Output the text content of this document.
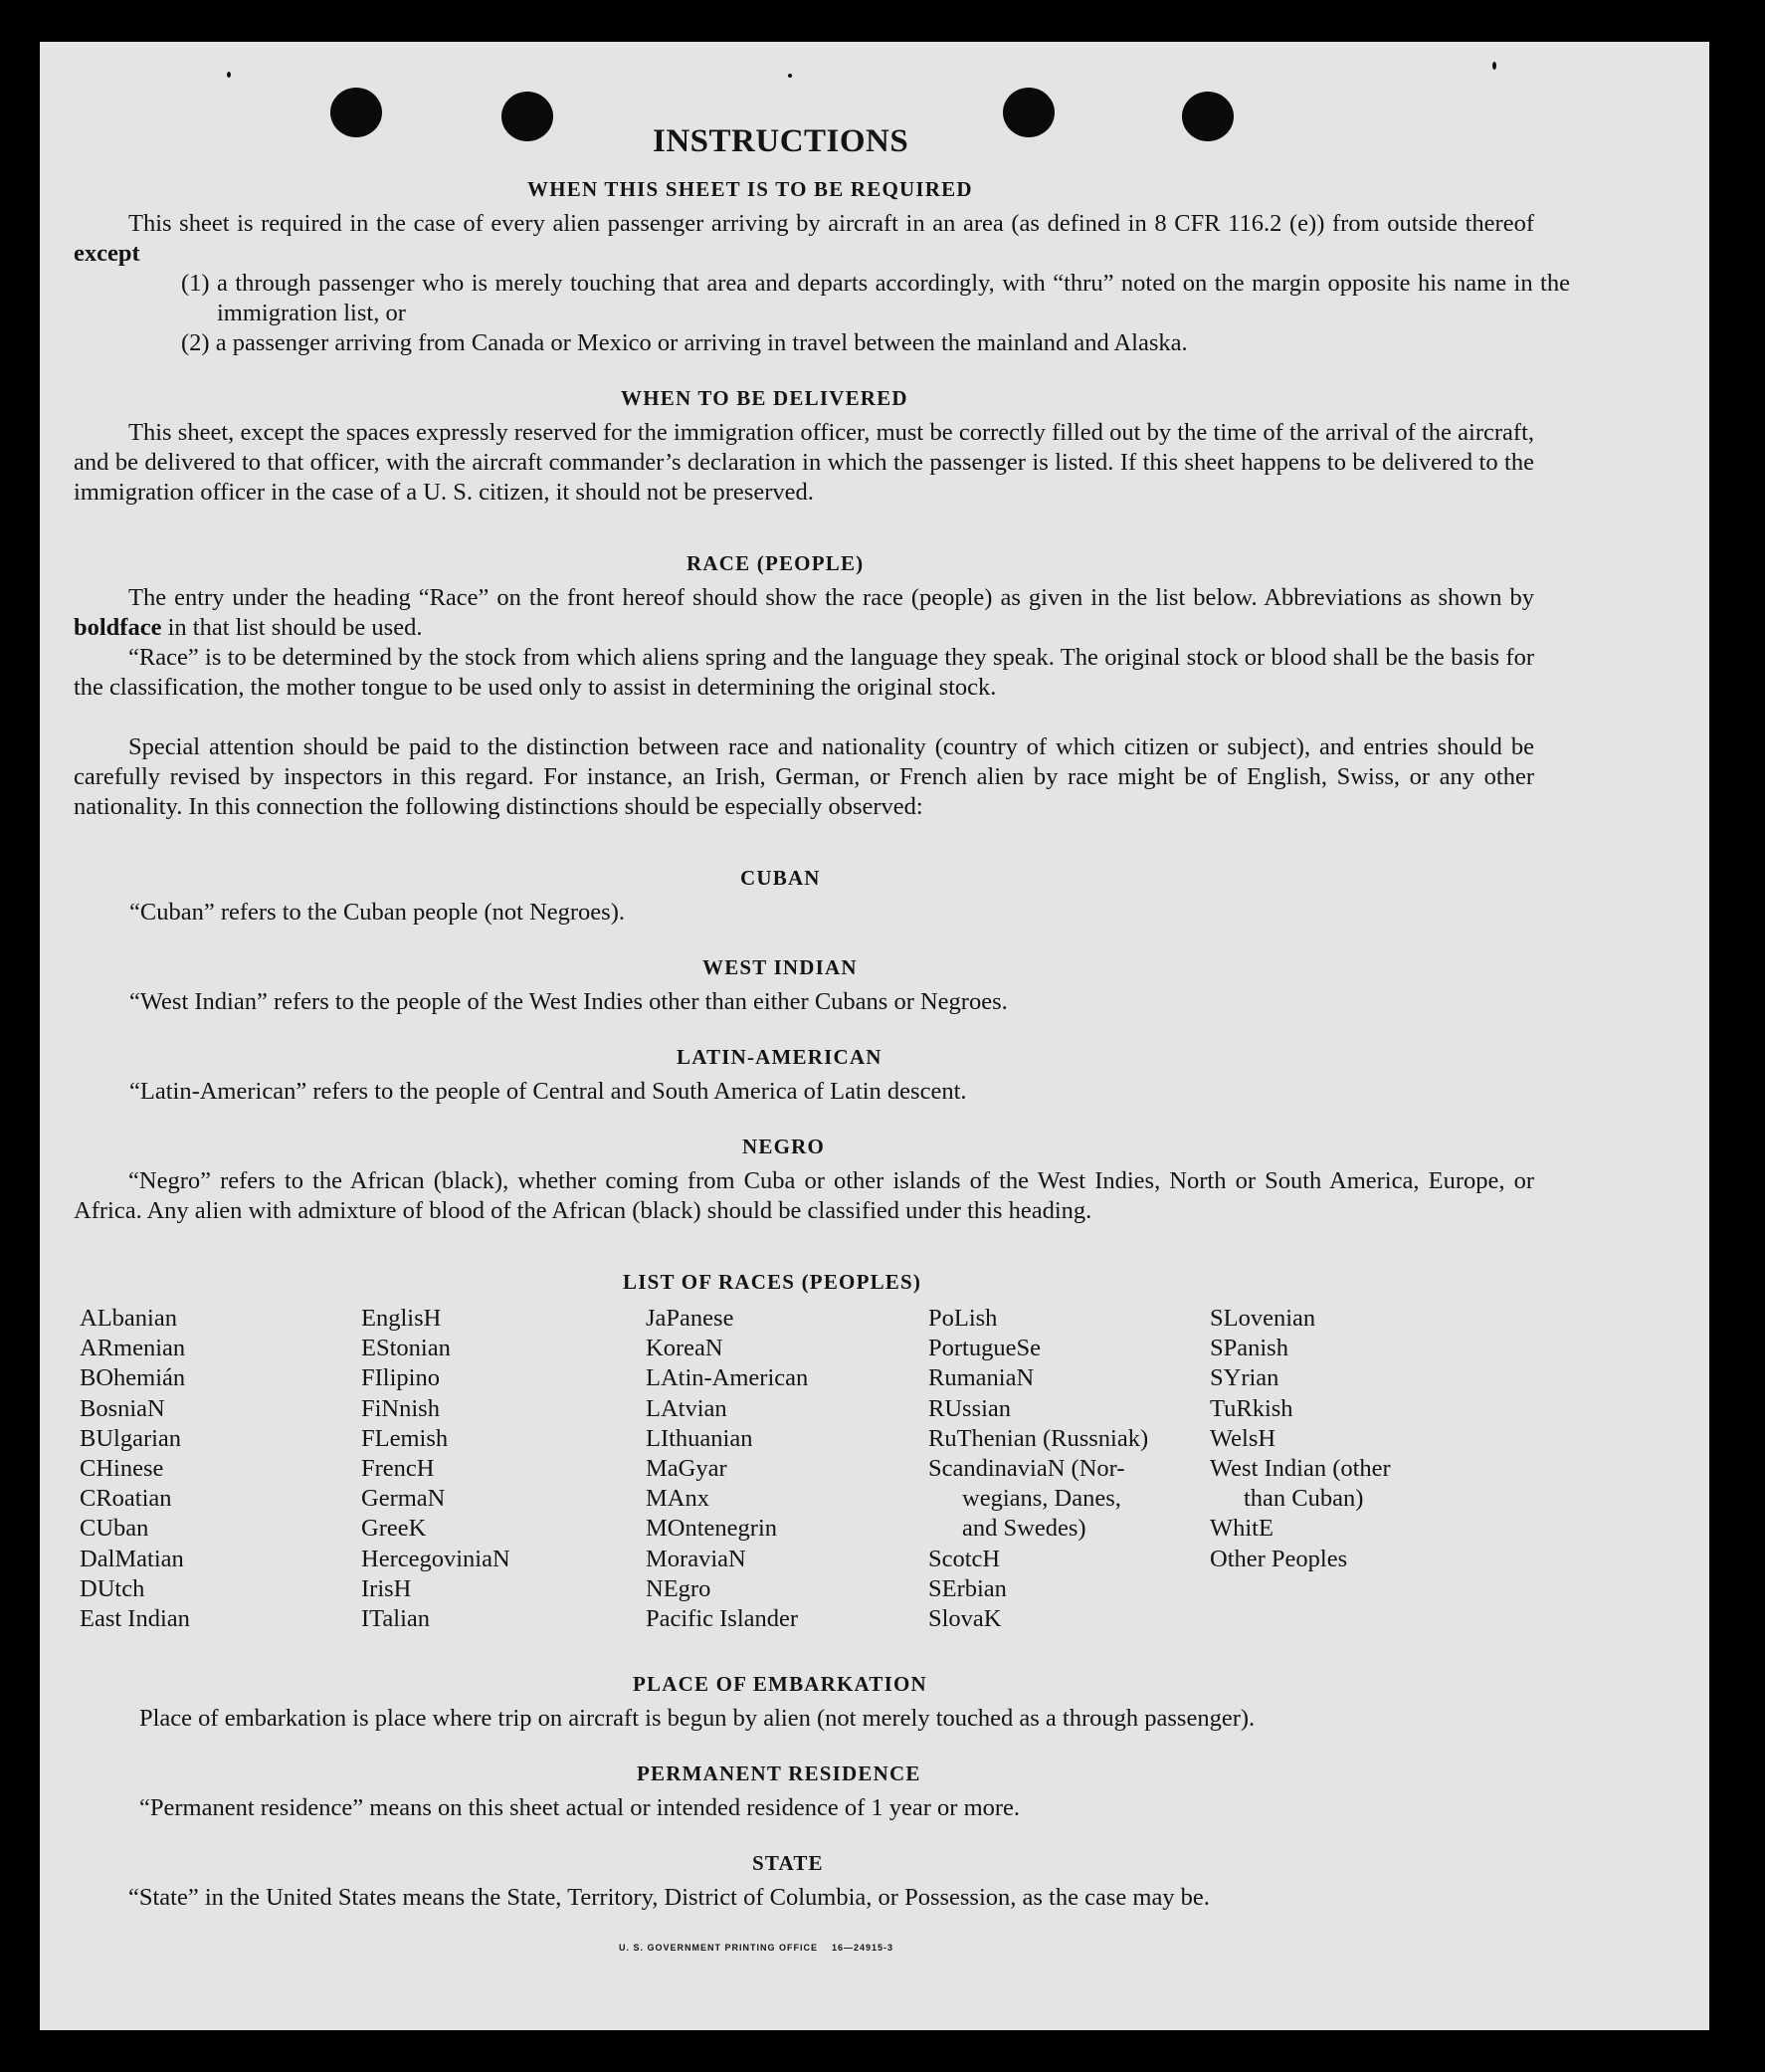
INSTRUCTIONS
WHEN THIS SHEET IS TO BE REQUIRED

This sheet is required in the case of every alien passenger arriving by aircraft in an area (as defined in 8 CFR 116.2 (e)) from outside thereof except

(1) a through passenger who is merely touching that area and departs accordingly, with “thru” noted on the margin opposite his name in the immigration list, or

(2) a passenger arriving from Canada or Mexico or arriving in travel between the mainland and Alaska.

WHEN TO BE DELIVERED

This sheet, except the spaces expressly reserved for the immigration officer, must be correctly filled out by the time of the arrival of the aircraft, and be delivered to that officer, with the aircraft commander’s declaration in which the passenger is listed. If this sheet happens to be delivered to the immigration officer in the case of a U. S. citizen, it should not be preserved.

RACE (PEOPLE)

The entry under the heading “Race” on the front hereof should show the race (people) as given in the list below. Abbreviations as shown by boldface in that list should be used.

“Race” is to be determined by the stock from which aliens spring and the language they speak. The original stock or blood shall be the basis for the classification, the mother tongue to be used only to assist in determining the original stock.

Special attention should be paid to the distinction between race and nationality (country of which citizen or subject), and entries should be carefully revised by inspectors in this regard. For instance, an Irish, German, or French alien by race might be of English, Swiss, or any other nationality. In this connection the following distinctions should be especially observed:

CUBAN

“Cuban” refers to the Cuban people (not Negroes).

WEST INDIAN

“West Indian” refers to the people of the West Indies other than either Cubans or Negroes.

LATIN-AMERICAN

“Latin-American” refers to the people of Central and South America of Latin descent.

NEGRO

“Negro” refers to the African (black), whether coming from Cuba or other islands of the West Indies, North or South America, Europe, or Africa. Any alien with admixture of blood of the African (black) should be classified under this heading.

LIST OF RACES (PEOPLES)
ALbanian
ARmenian
BOhemián
BosniaN
BUlgarian
CHinese
CRoatian
CUban
DalMatian
DUtch
East Indian
EnglisH
EStonian
FIlipino
FiNnish
FLemish
FrencH
GermaN
GreeK
HercegoviniaN
IrisH
ITalian
JaPanese
KoreaN
LAtin-American
LAtvian
LIthuanian
MaGyar
MAnx
MOntenegrin
MoraviaN
NEgro
Pacific Islander
PoLish
PortugueSe
RumaniaN
RUssian
RuThenian (Russniak)
ScandinaviaN (Nor-
wegians, Danes,
and Swedes)
ScotcH
SErbian
SlovaK
SLovenian
SPanish
SYrian
TuRkish
WelsH
West Indian (other
than Cuban)
WhitE
Other Peoples
PLACE OF EMBARKATION

Place of embarkation is place where trip on aircraft is begun by alien (not merely touched as a through passenger).

PERMANENT RESIDENCE

“Permanent residence” means on this sheet actual or intended residence of 1 year or more.

STATE

“State” in the United States means the State, Territory, District of Columbia, or Possession, as the case may be.

U. S. GOVERNMENT PRINTING OFFICE    16—24915-3
